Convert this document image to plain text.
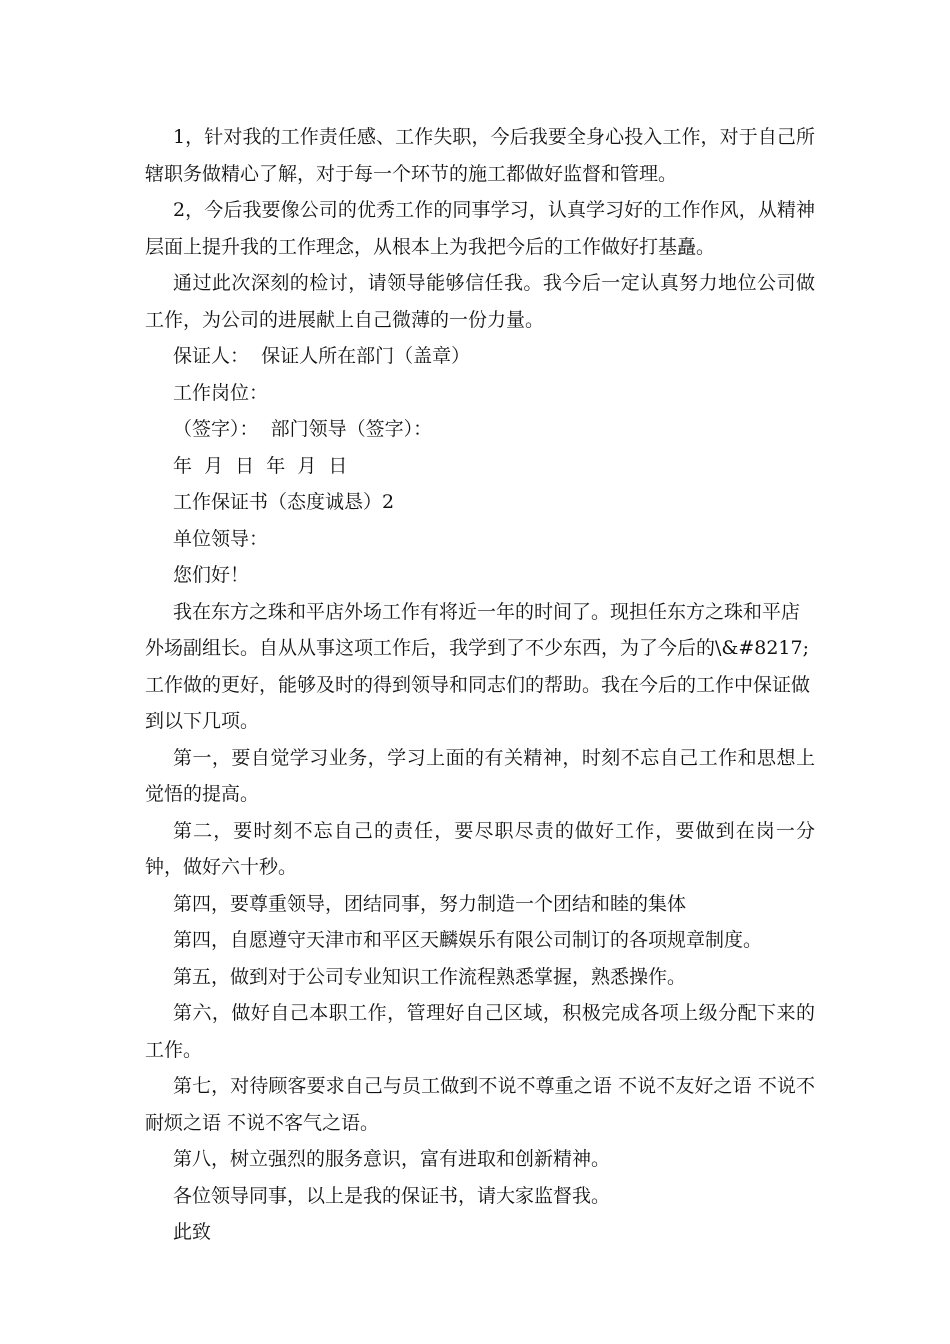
1，针对我的工作责任感、工作失职，今后我要全身心投入工作，对于自己所辖职务做精心了解，对于每一个环节的施工都做好监督和管理。

2，今后我要像公司的优秀工作的同事学习，认真学习好的工作作风，从精神层面上提升我的工作理念，从根本上为我把今后的工作做好打基矗。

通过此次深刻的检讨，请领导能够信任我。我今后一定认真努力地位公司做工作，为公司的进展献上自己微薄的一份力量。

保证人：  保证人所在部门（盖章）

工作岗位：

（签字）：  部门领导（签字）：

年  月  日  年  月  日

工作保证书（态度诚恳）2

单位领导：

您们好！

我在东方之珠和平店外场工作有将近一年的时间了。现担任东方之珠和平店外场副组长。自从从事这项工作后，我学到了不少东西，为了今后的\&#8217;工作做的更好，能够及时的得到领导和同志们的帮助。我在今后的工作中保证做到以下几项。

第一，要自觉学习业务，学习上面的有关精神，时刻不忘自己工作和思想上觉悟的提高。

第二，要时刻不忘自己的责任，要尽职尽责的做好工作，要做到在岗一分钟，做好六十秒。

第四，要尊重领导，团结同事，努力制造一个团结和睦的集体

第四，自愿遵守天津市和平区天麟娱乐有限公司制订的各项规章制度。

第五，做到对于公司专业知识工作流程熟悉掌握，熟悉操作。

第六，做好自己本职工作，管理好自己区域，积极完成各项上级分配下来的工作。

第七，对待顾客要求自己与员工做到不说不尊重之语 不说不友好之语 不说不耐烦之语 不说不客气之语。

第八，树立强烈的服务意识，富有进取和创新精神。

各位领导同事，以上是我的保证书，请大家监督我。

此致
